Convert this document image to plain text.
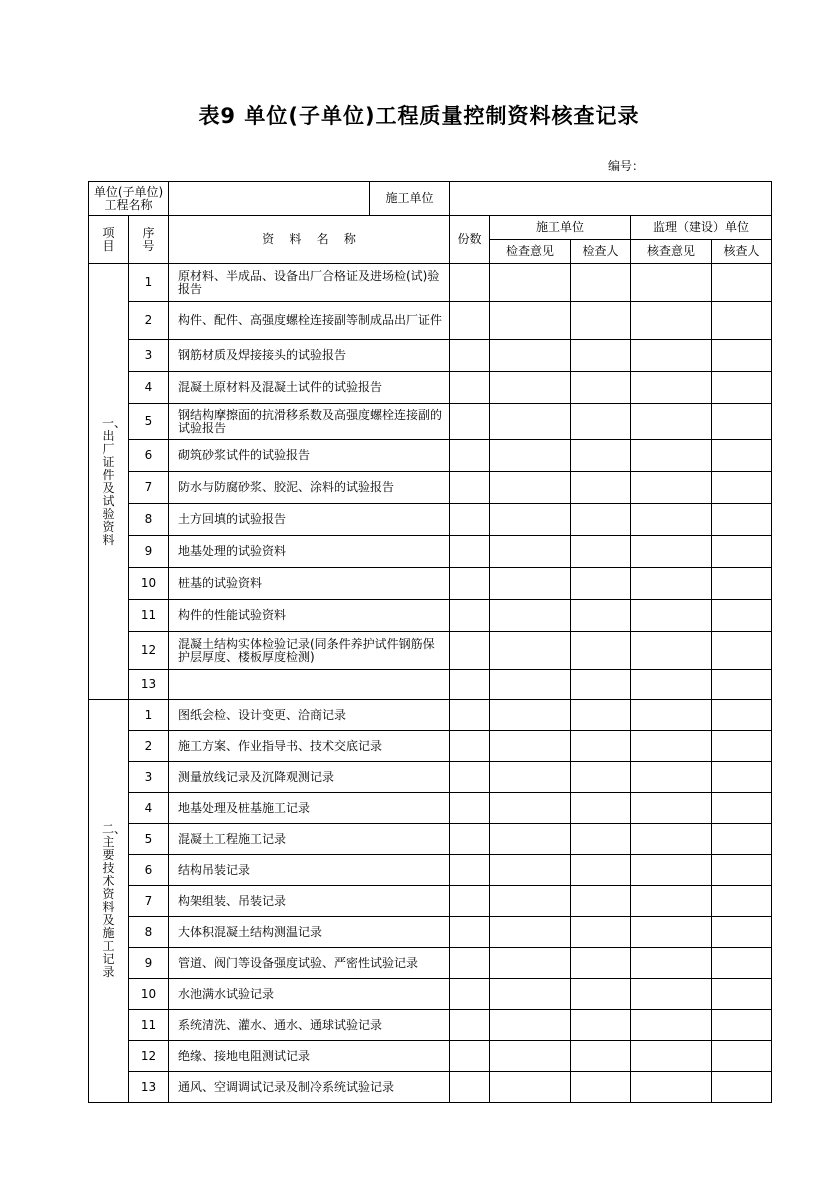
表9 单位(子单位)工程质量控制资料核查记录
编号：
单位(子单位)
工程名称		施工单位					

项目	序号	资    料    名    称	份数	施工单位		监理（建设）单位	
				检查意见	检查人	核查意见	核查人
一、出厂证件及试验资料	1	原材料、半成品、设备出厂合格证及进场检(试)验报告					
	2	构件、配件、高强度螺栓连接副等制成品出厂证件					
	3	钢筋材质及焊接接头的试验报告					
	4	混凝土原材料及混凝土试件的试验报告					
	5	钢结构摩擦面的抗滑移系数及高强度螺栓连接副的试验报告					
	6	砌筑砂浆试件的试验报告					
	7	防水与防腐砂浆、胶泥、涂料的试验报告					
	8	土方回填的试验报告					
	9	地基处理的试验资料					
	10	桩基的试验资料					
	11	构件的性能试验资料					
	12	混凝土结构实体检验记录(同条件养护试件钢筋保护层厚度、楼板厚度检测)					
	13						
二、主要技术资料及施工记录	1	图纸会检、设计变更、洽商记录					
	2	施工方案、作业指导书、技术交底记录					
	3	测量放线记录及沉降观测记录					
	4	地基处理及桩基施工记录					
	5	混凝土工程施工记录					
	6	结构吊装记录					
	7	构架组装、吊装记录					
	8	大体积混凝土结构测温记录					
	9	管道、阀门等设备强度试验、严密性试验记录					
	10	水池满水试验记录					
	11	系统清洗、灌水、通水、通球试验记录					
	12	绝缘、接地电阻测试记录					
	13	通风、空调调试记录及制冷系统试验记录					
